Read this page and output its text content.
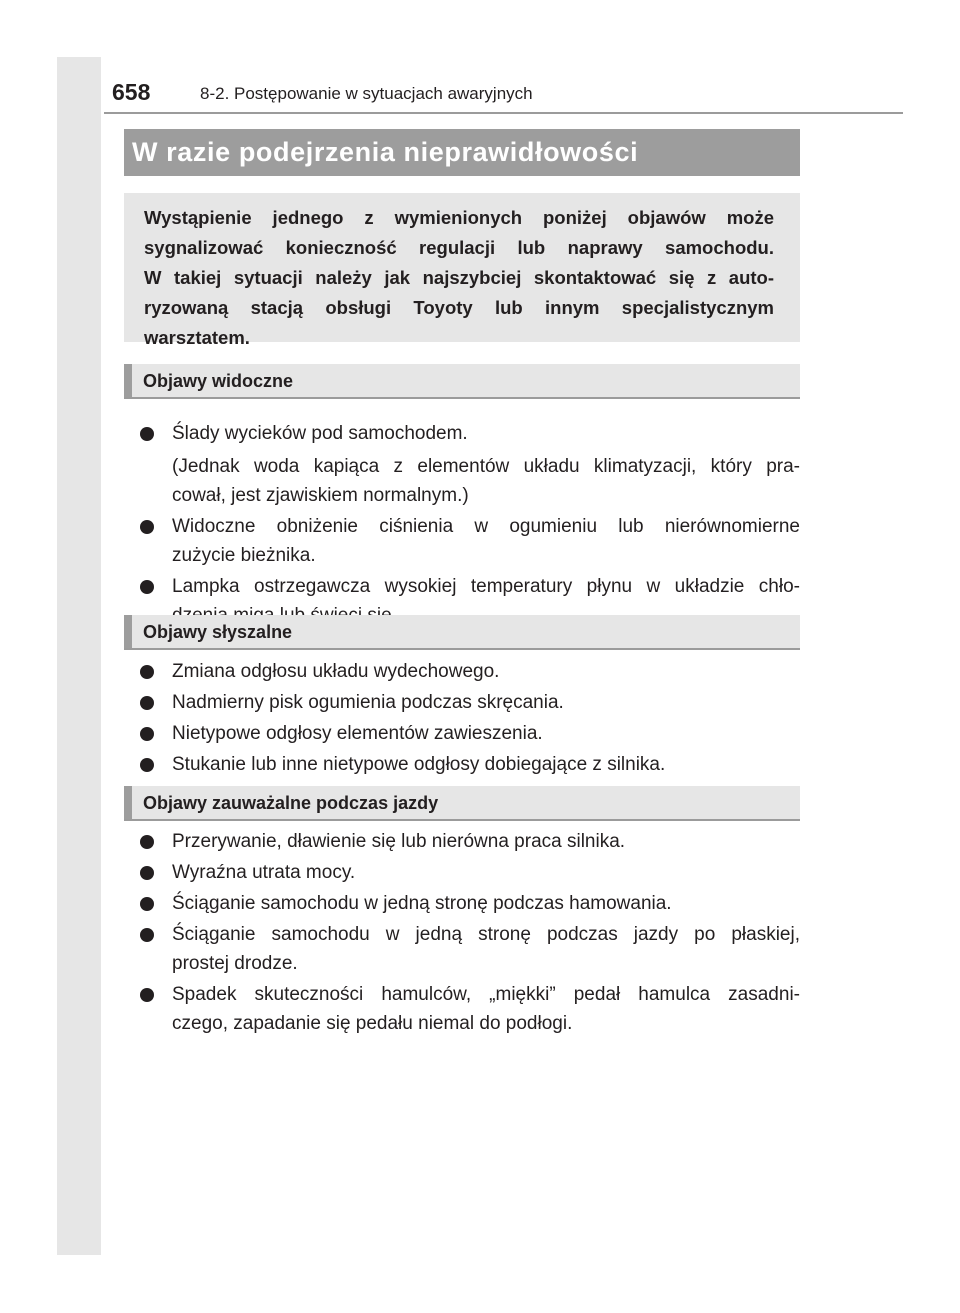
658	8-2. Postępowanie w sytuacjach awaryjnych
W razie podejrzenia nieprawidłowości
Wystąpienie jednego z wymienionych poniżej objawów może
sygnalizować konieczność regulacji lub naprawy samochodu.
W takiej sytuacji należy jak najszybciej skontaktować się z auto-
ryzowaną stacją obsługi Toyoty lub innym specjalistycznym
warsztatem.
Objawy widoczne
Ślady wycieków pod samochodem.
(Jednak woda kapiąca z elementów układu klimatyzacji, który pra-
cował, jest zjawiskiem normalnym.)
Widoczne obniżenie ciśnienia w ogumieniu lub nierównomierne
zużycie bieżnika.
Lampka ostrzegawcza wysokiej temperatury płynu w układzie chło-
Objawy słyszalne
Zmiana odgłosu układu wydechowego.
Nadmierny pisk ogumienia podczas skręcania.
Nietypowe odgłosy elementów zawieszenia.
Stukanie lub inne nietypowe odgłosy dobiegające z silnika.
Objawy zauważalne podczas jazdy
Przerywanie, dławienie się lub nierówna praca silnika.
Wyraźna utrata mocy.
Ściąganie samochodu w jedną stronę podczas hamowania.
Ściąganie samochodu w jedną stronę podczas jazdy po płaskiej,
prostej drodze.
Spadek skuteczności hamulców, „miękki” pedał hamulca zasadni-
czego, zapadanie się pedału niemal do podłogi.
